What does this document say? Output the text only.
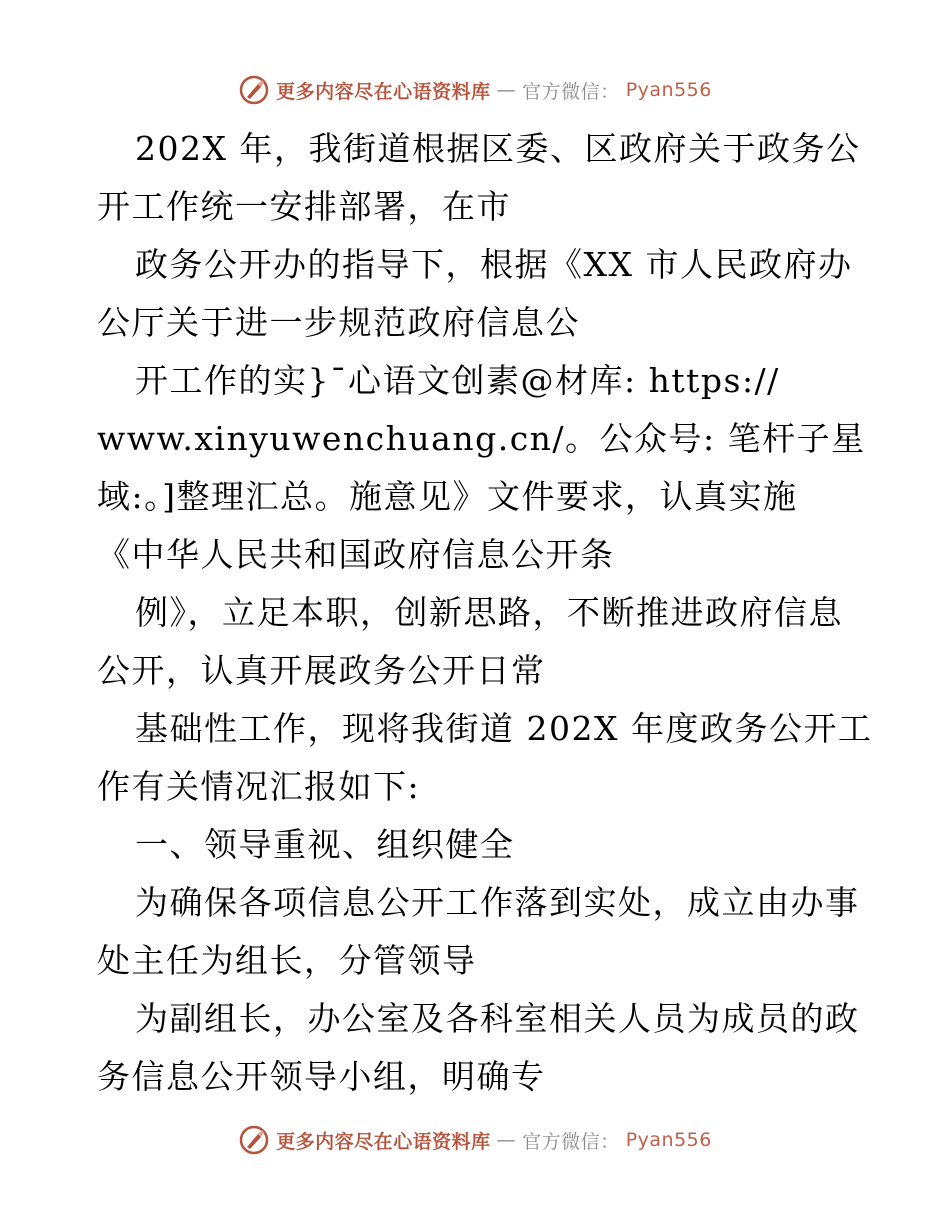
更多内容尽在心语资料库 — 官方微信： Pyan556
202X 年，我街道根据区委、区政府关于政务公
开工作统一安排部署，在市
政务公开办的指导下，根据《XX 市人民政府办
公厅关于进一步规范政府信息公
开工作的实}¯心语文创素@材库: https://
www.xinyuwenchuang.cn/。公众号: 笔杆子星
域:。]整理汇总。施意见》文件要求，认真实施
《中华人民共和国政府信息公开条
例》，立足本职，创新思路，不断推进政府信息
公开，认真开展政务公开日常
基础性工作，现将我街道 202X 年度政务公开工
作有关情况汇报如下:
一、领导重视、组织健全
为确保各项信息公开工作落到实处，成立由办事
处主任为组长，分管领导
为副组长，办公室及各科室相关人员为成员的政
务信息公开领导小组，明确专
更多内容尽在心语资料库 — 官方微信： Pyan556
